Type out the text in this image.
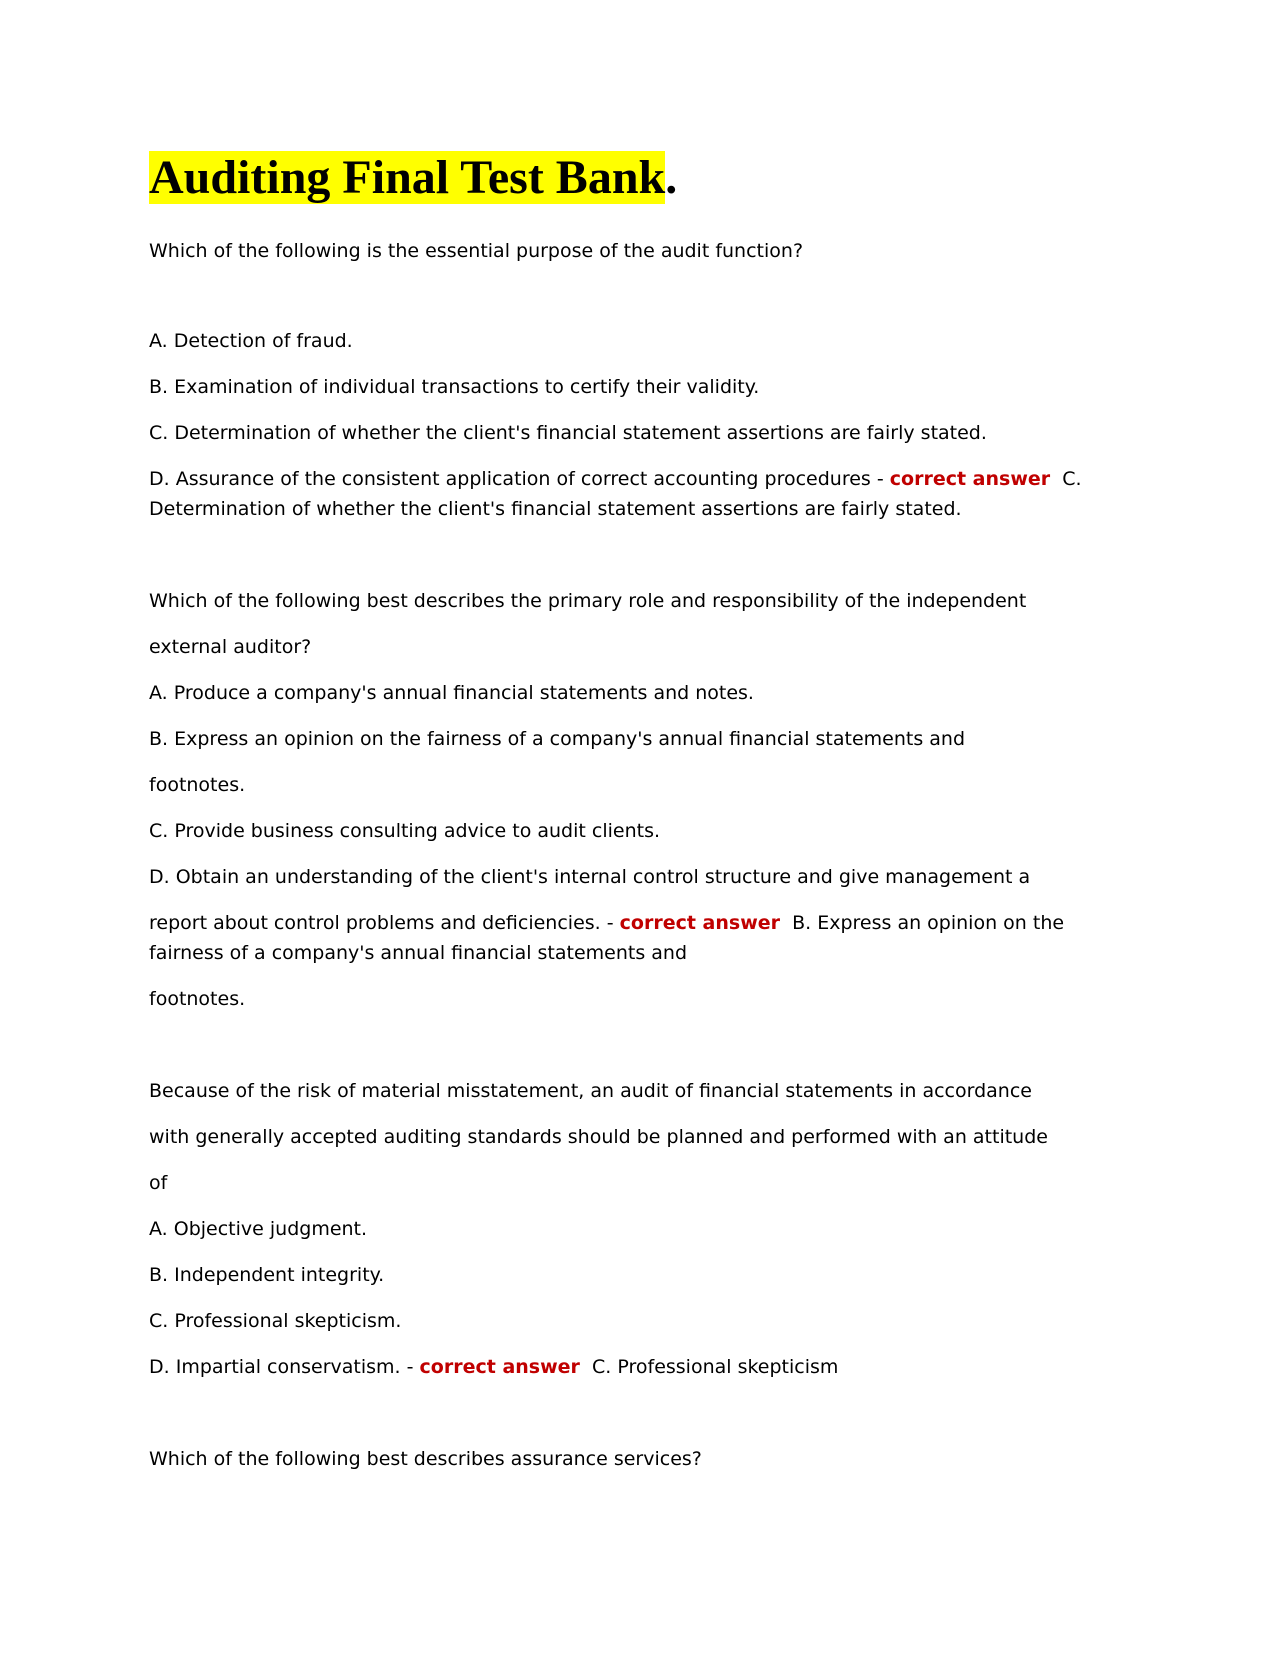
Auditing Final Test Bank.

Which of the following is the essential purpose of the audit function?

A. Detection of fraud.

B. Examination of individual transactions to certify their validity.

C. Determination of whether the client's financial statement assertions are fairly stated.

D. Assurance of the consistent application of correct accounting procedures - correct answer C. Determination of whether the client's financial statement assertions are fairly stated.

Which of the following best describes the primary role and responsibility of the independent

external auditor?

A. Produce a company's annual financial statements and notes.

B. Express an opinion on the fairness of a company's annual financial statements and

footnotes.

C. Provide business consulting advice to audit clients.

D. Obtain an understanding of the client's internal control structure and give management a

report about control problems and deficiencies. - correct answer B. Express an opinion on the fairness of a company's annual financial statements and

footnotes.

Because of the risk of material misstatement, an audit of financial statements in accordance

with generally accepted auditing standards should be planned and performed with an attitude

of

A. Objective judgment.

B. Independent integrity.

C. Professional skepticism.

D. Impartial conservatism. - correct answer C. Professional skepticism

Which of the following best describes assurance services?
